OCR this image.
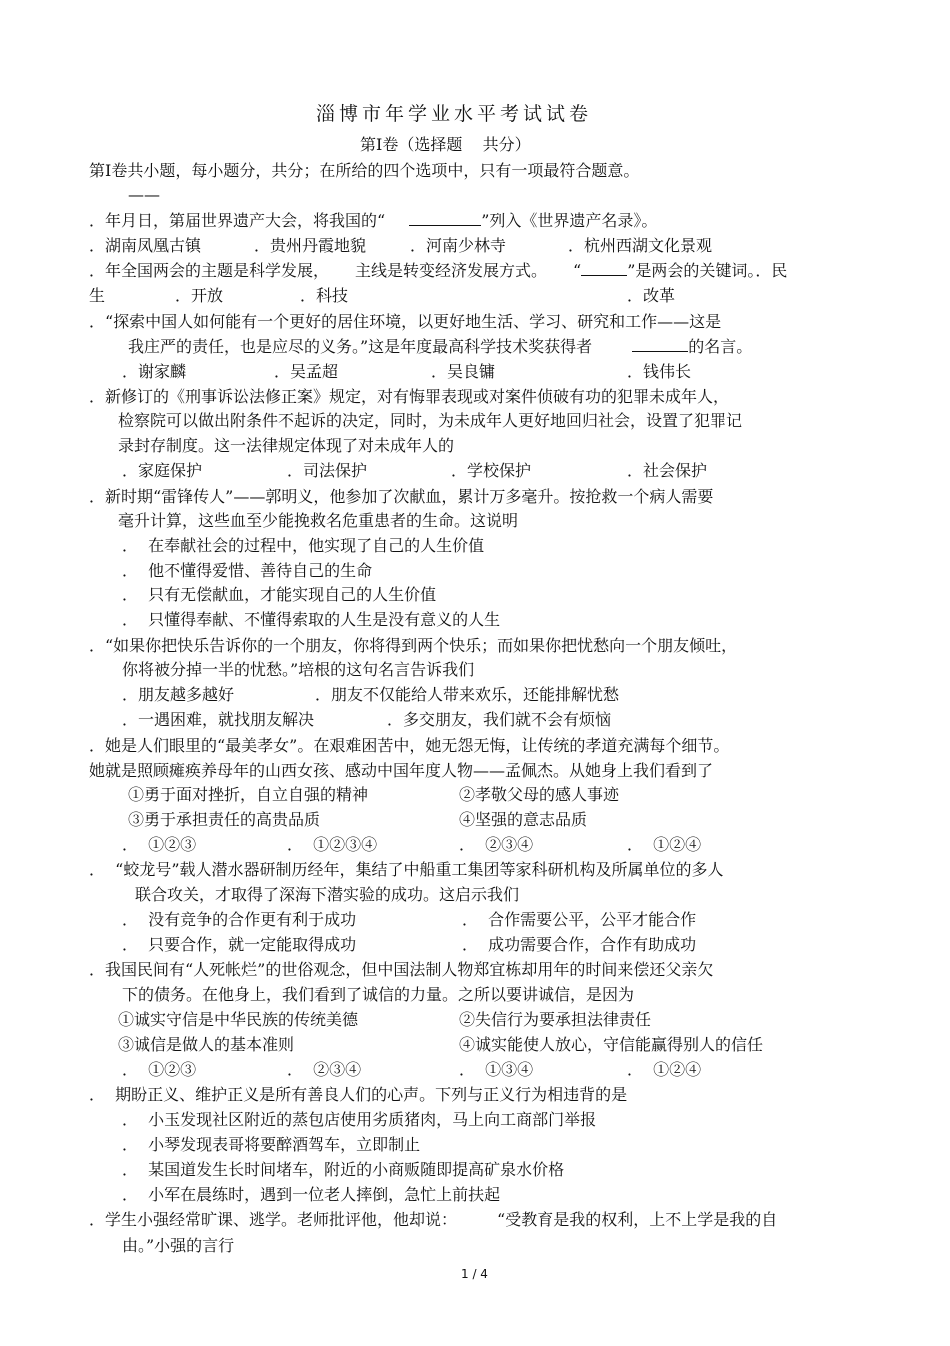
淄博市年学业水平考试试卷
第Ⅰ卷（选择题    共分）
第Ⅰ卷共小题，每小题分，共分；在所给的四个选项中，只有一项最符合题意。
——
．年月日，第届世界遗产大会，将我国的“	”列入《世界遗产名录》。
．湖南凤凰古镇	．贵州丹霞地貌	．河南少林寺	．杭州西湖文化景观
．年全国两会的主题是科学发展， 主线是转变经济发展方式。 “	”是两会的关键词。．民
生	．开放	．科技	．改革
．“探索中国人如何能有一个更好的居住环境，以更好地生活、学习、研究和工作——这是
我庄严的责任，也是应尽的义务。”这是年度最高科学技术奖获得者	的名言。
．谢家麟	．吴孟超	．吴良镛	．钱伟长
．新修订的《刑事诉讼法修正案》规定，对有悔罪表现或对案件侦破有功的犯罪未成年人，
检察院可以做出附条件不起诉的决定，同时，为未成年人更好地回归社会，设置了犯罪记
录封存制度。这一法律规定体现了对未成年人的
．家庭保护	．司法保护	．学校保护	．社会保护
．新时期“雷锋传人”——郭明义，他参加了次献血，累计万多毫升。按抢救一个病人需要
毫升计算，这些血至少能挽救名危重患者的生命。这说明
．  在奉献社会的过程中，他实现了自己的人生价值
．  他不懂得爱惜、善待自己的生命
．  只有无偿献血，才能实现自己的人生价值
．  只懂得奉献、不懂得索取的人生是没有意义的人生
．“如果你把快乐告诉你的一个朋友，你将得到两个快乐；而如果你把忧愁向一个朋友倾吐，
你将被分掉一半的忧愁。”培根的这句名言告诉我们
．朋友越多越好	．朋友不仅能给人带来欢乐，还能排解忧愁
．一遇困难，就找朋友解决	．多交朋友，我们就不会有烦恼
．她是人们眼里的“最美孝女”。在艰难困苦中，她无怨无悔，让传统的孝道充满每个细节。
她就是照顾瘫痪养母年的山西女孩、感动中国年度人物——孟佩杰。从她身上我们看到了
①勇于面对挫折，自立自强的精神	②孝敬父母的感人事迹
③勇于承担责任的高贵品质	④坚强的意志品质
．  ①②③	．  ①②③④	．  ②③④	．  ①②④
．  “蛟龙号”载人潜水器研制历经年，集结了中船重工集团等家科研机构及所属单位的多人
联合攻关，才取得了深海下潜实验的成功。这启示我们
．  没有竞争的合作更有利于成功	．  合作需要公平，公平才能合作
．  只要合作，就一定能取得成功	．  成功需要合作，合作有助成功
．我国民间有“人死帐烂”的世俗观念，但中国法制人物郑宜栋却用年的时间来偿还父亲欠
下的债务。在他身上，我们看到了诚信的力量。之所以要讲诚信，是因为
①诚实守信是中华民族的传统美德	②失信行为要承担法律责任
③诚信是做人的基本准则	④诚实能使人放心，守信能赢得别人的信任
．  ①②③	．  ②③④	．  ①③④	．  ①②④
．  期盼正义、维护正义是所有善良人们的心声。下列与正义行为相违背的是
．  小玉发现社区附近的蒸包店使用劣质猪肉，马上向工商部门举报
．  小琴发现表哥将要醉酒驾车，立即制止
．  某国道发生长时间堵车，附近的小商贩随即提高矿泉水价格
．  小军在晨练时，遇到一位老人摔倒，急忙上前扶起
．学生小强经常旷课、逃学。老师批评他，他却说：	“受教育是我的权利，上不上学是我的自
由。”小强的言行
1 / 4
